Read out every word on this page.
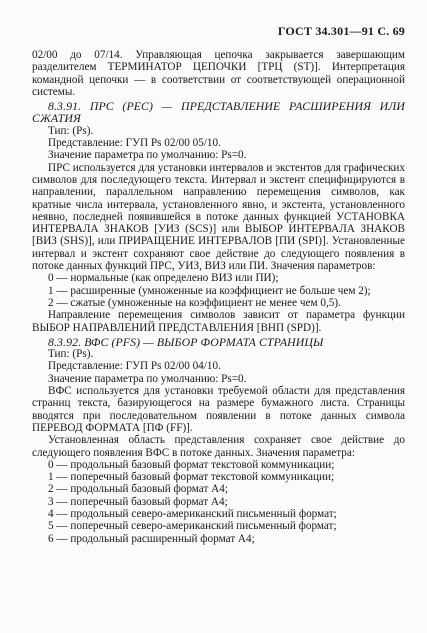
ГОСТ 34.301—91 С. 69

02/00 до 07/14. Управляющая цепочка закрывается завершающим разделителем ТЕРМИНАТОР ЦЕПОЧКИ [ТРЦ (ST)]. Интерпретация командной цепочки — в соответствии от соответствующей операционной системы.

8.3.91. ПРС (PEC) — ПРЕДСТАВЛЕНИЕ РАСШИРЕНИЯ ИЛИ СЖАТИЯ

Тип: (Ps).

Представление: ГУП Ps 02/00 05/10.

Значение параметра по умолчанию: Ps=0.

ПРС используется для установки интервалов и экстентов для графических символов для последующего текста. Интервал и экстент специфицируются в направлении, параллельном направлению перемещения символов, как кратные числа интервала, установленного явно, и экстента, установленного неявно, последней появившейся в потоке данных функцией УСТАНОВКА ИНТЕРВАЛА ЗНАКОВ [УИЗ (SCS)] или ВЫБОР ИНТЕРВАЛА ЗНАКОВ [ВИЗ (SHS)], или ПРИРАЩЕНИЕ ИНТЕРВАЛОВ [ПИ (SPI)]. Установленные интервал и экстент сохраняют свое действие до следующего появления в потоке данных функций ПРС, УИЗ, ВИЗ или ПИ. Значения параметров:

0 — нормальные (как определено ВИЗ или ПИ);

1 — расширенные (умноженные на коэффициент не больше чем 2);

2 — сжатые (умноженные на коэффициент не менее чем 0,5).

Направление перемещения символов зависит от параметра функции ВЫБОР НАПРАВЛЕНИЙ ПРЕДСТАВЛЕНИЯ [ВНП (SPD)].

8.3.92. ВФС (PFS) — ВЫБОР ФОРМАТА СТРАНИЦЫ

Тип: (Ps).

Представление: ГУП Ps 02/00 04/10.

Значение параметра по умолчанию: Ps=0.

ВФС используется для установки требуемой области для представления страниц текста, базирующегося на размере бумажного листа. Страницы вводятся при последовательном появлении в потоке данных символа ПЕРЕВОД ФОРМАТА [ПФ (FF)].

Установленная область представления сохраняет свое действие до следующего появления ВФС в потоке данных. Значения параметра:

0 — продольный базовый формат текстовой коммуникации;

1 — поперечный базовый формат текстовой коммуникации;

2 — продольный базовый формат А4;

3 — поперечный базовый формат А4;

4 — продольный северо-американский письменный формат;

5 — поперечный северо-американский письменный формат;

6 — продольный расширенный формат А4;
